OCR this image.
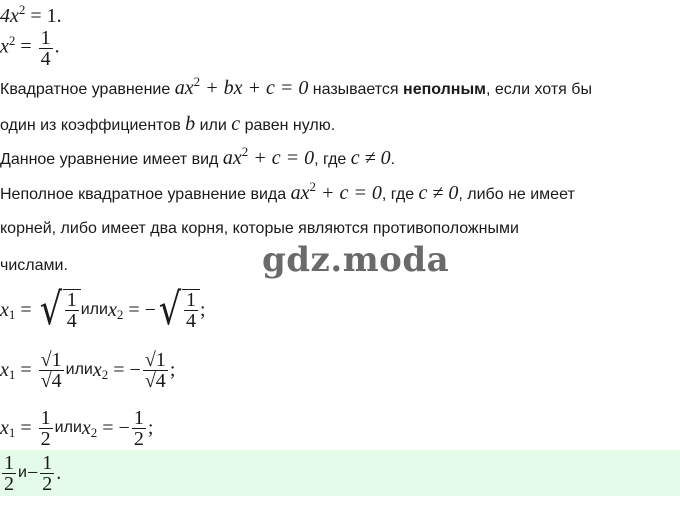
$4x^2 = 1$.
$x^2 = \frac{1}{4}$ .
Квадратное уравнение $ax^2$ + bx + c = 0 называется неполным, если хотя бы
один из коэффициентов b или c равен нулю.
Данное уравнение имеет вид $ax^2 + c = 0$, где c ≠ 0.
Неполное квадратное уравнение вида $ax^2 + c = 0$, где c ≠ 0, либо не имеет
корней, либо имеет два корня, которые являются противоположными
числами.	gdz.moda
x 1 = √ $\frac{1}{4}$ или x 2 = − √ $\frac{1}{4}$ ;
x $1 = \frac{√1}{√4}$ или x 2 = − $\frac{√1}{√4}$ ;
x $1 = \frac{1}{2}$ или x 2 = − $\frac{1}{2}$ ;
$\frac{1}{2}$ $и - \frac{1}{2}$ .
